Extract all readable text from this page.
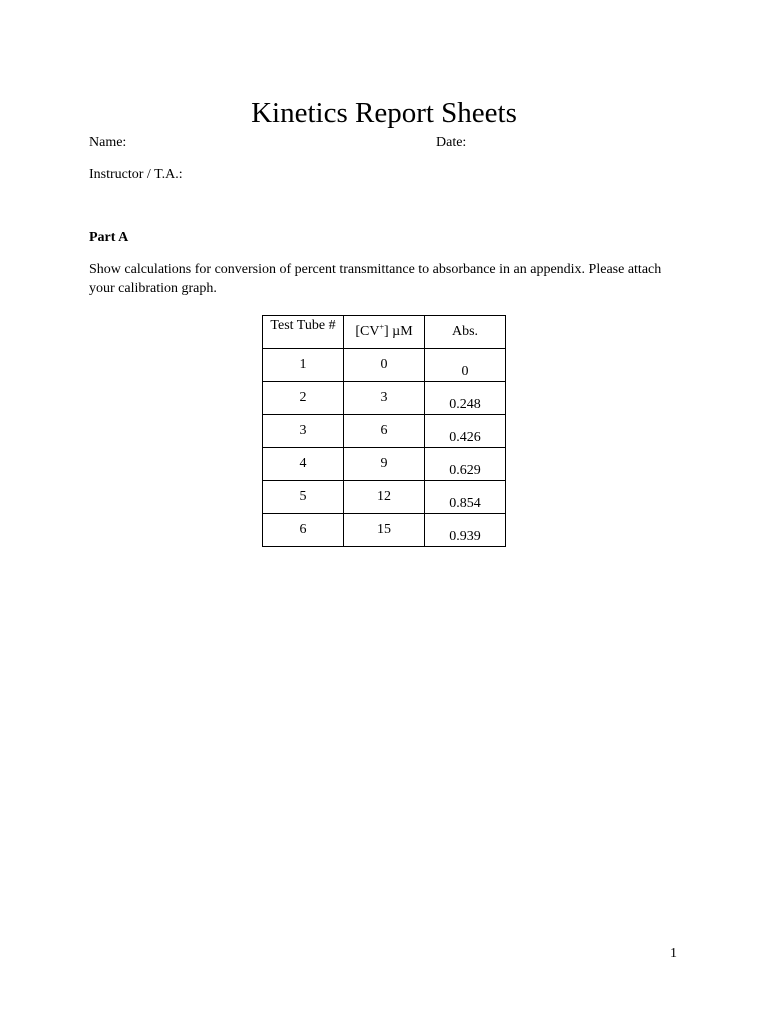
Kinetics Report Sheets
Name:	Date:
Instructor / T.A.:
Part A
Show calculations for conversion of percent transmittance to absorbance in an appendix. Please attach your calibration graph.
Test Tube #	[CV+] µM	Abs.
1	0	0
2	3	0.248
3	6	0.426
4	9	0.629
5	12	0.854
6	15	0.939
1
